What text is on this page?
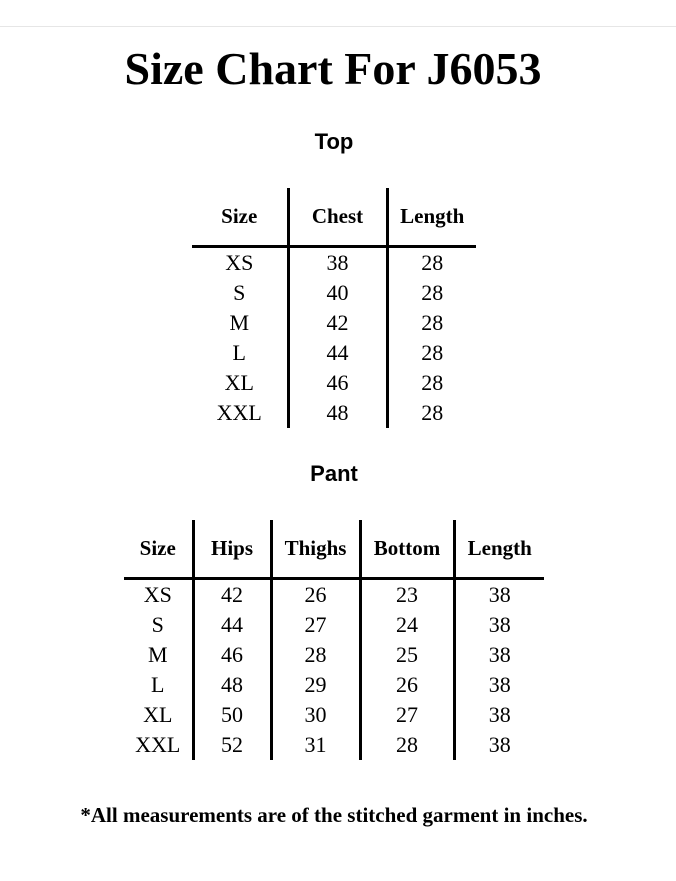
Size Chart For J6053
Top
Size	Chest	Length
XS	38	28
S	40	28
M	42	28
L	44	28
XL	46	28
XXL	48	28
Pant
Size	Hips	Thighs	Bottom	Length
XS	42	26	23	38
S	44	27	24	38
M	46	28	25	38
L	48	29	26	38
XL	50	30	27	38
XXL	52	31	28	38
*All measurements are of the stitched garment in inches.
